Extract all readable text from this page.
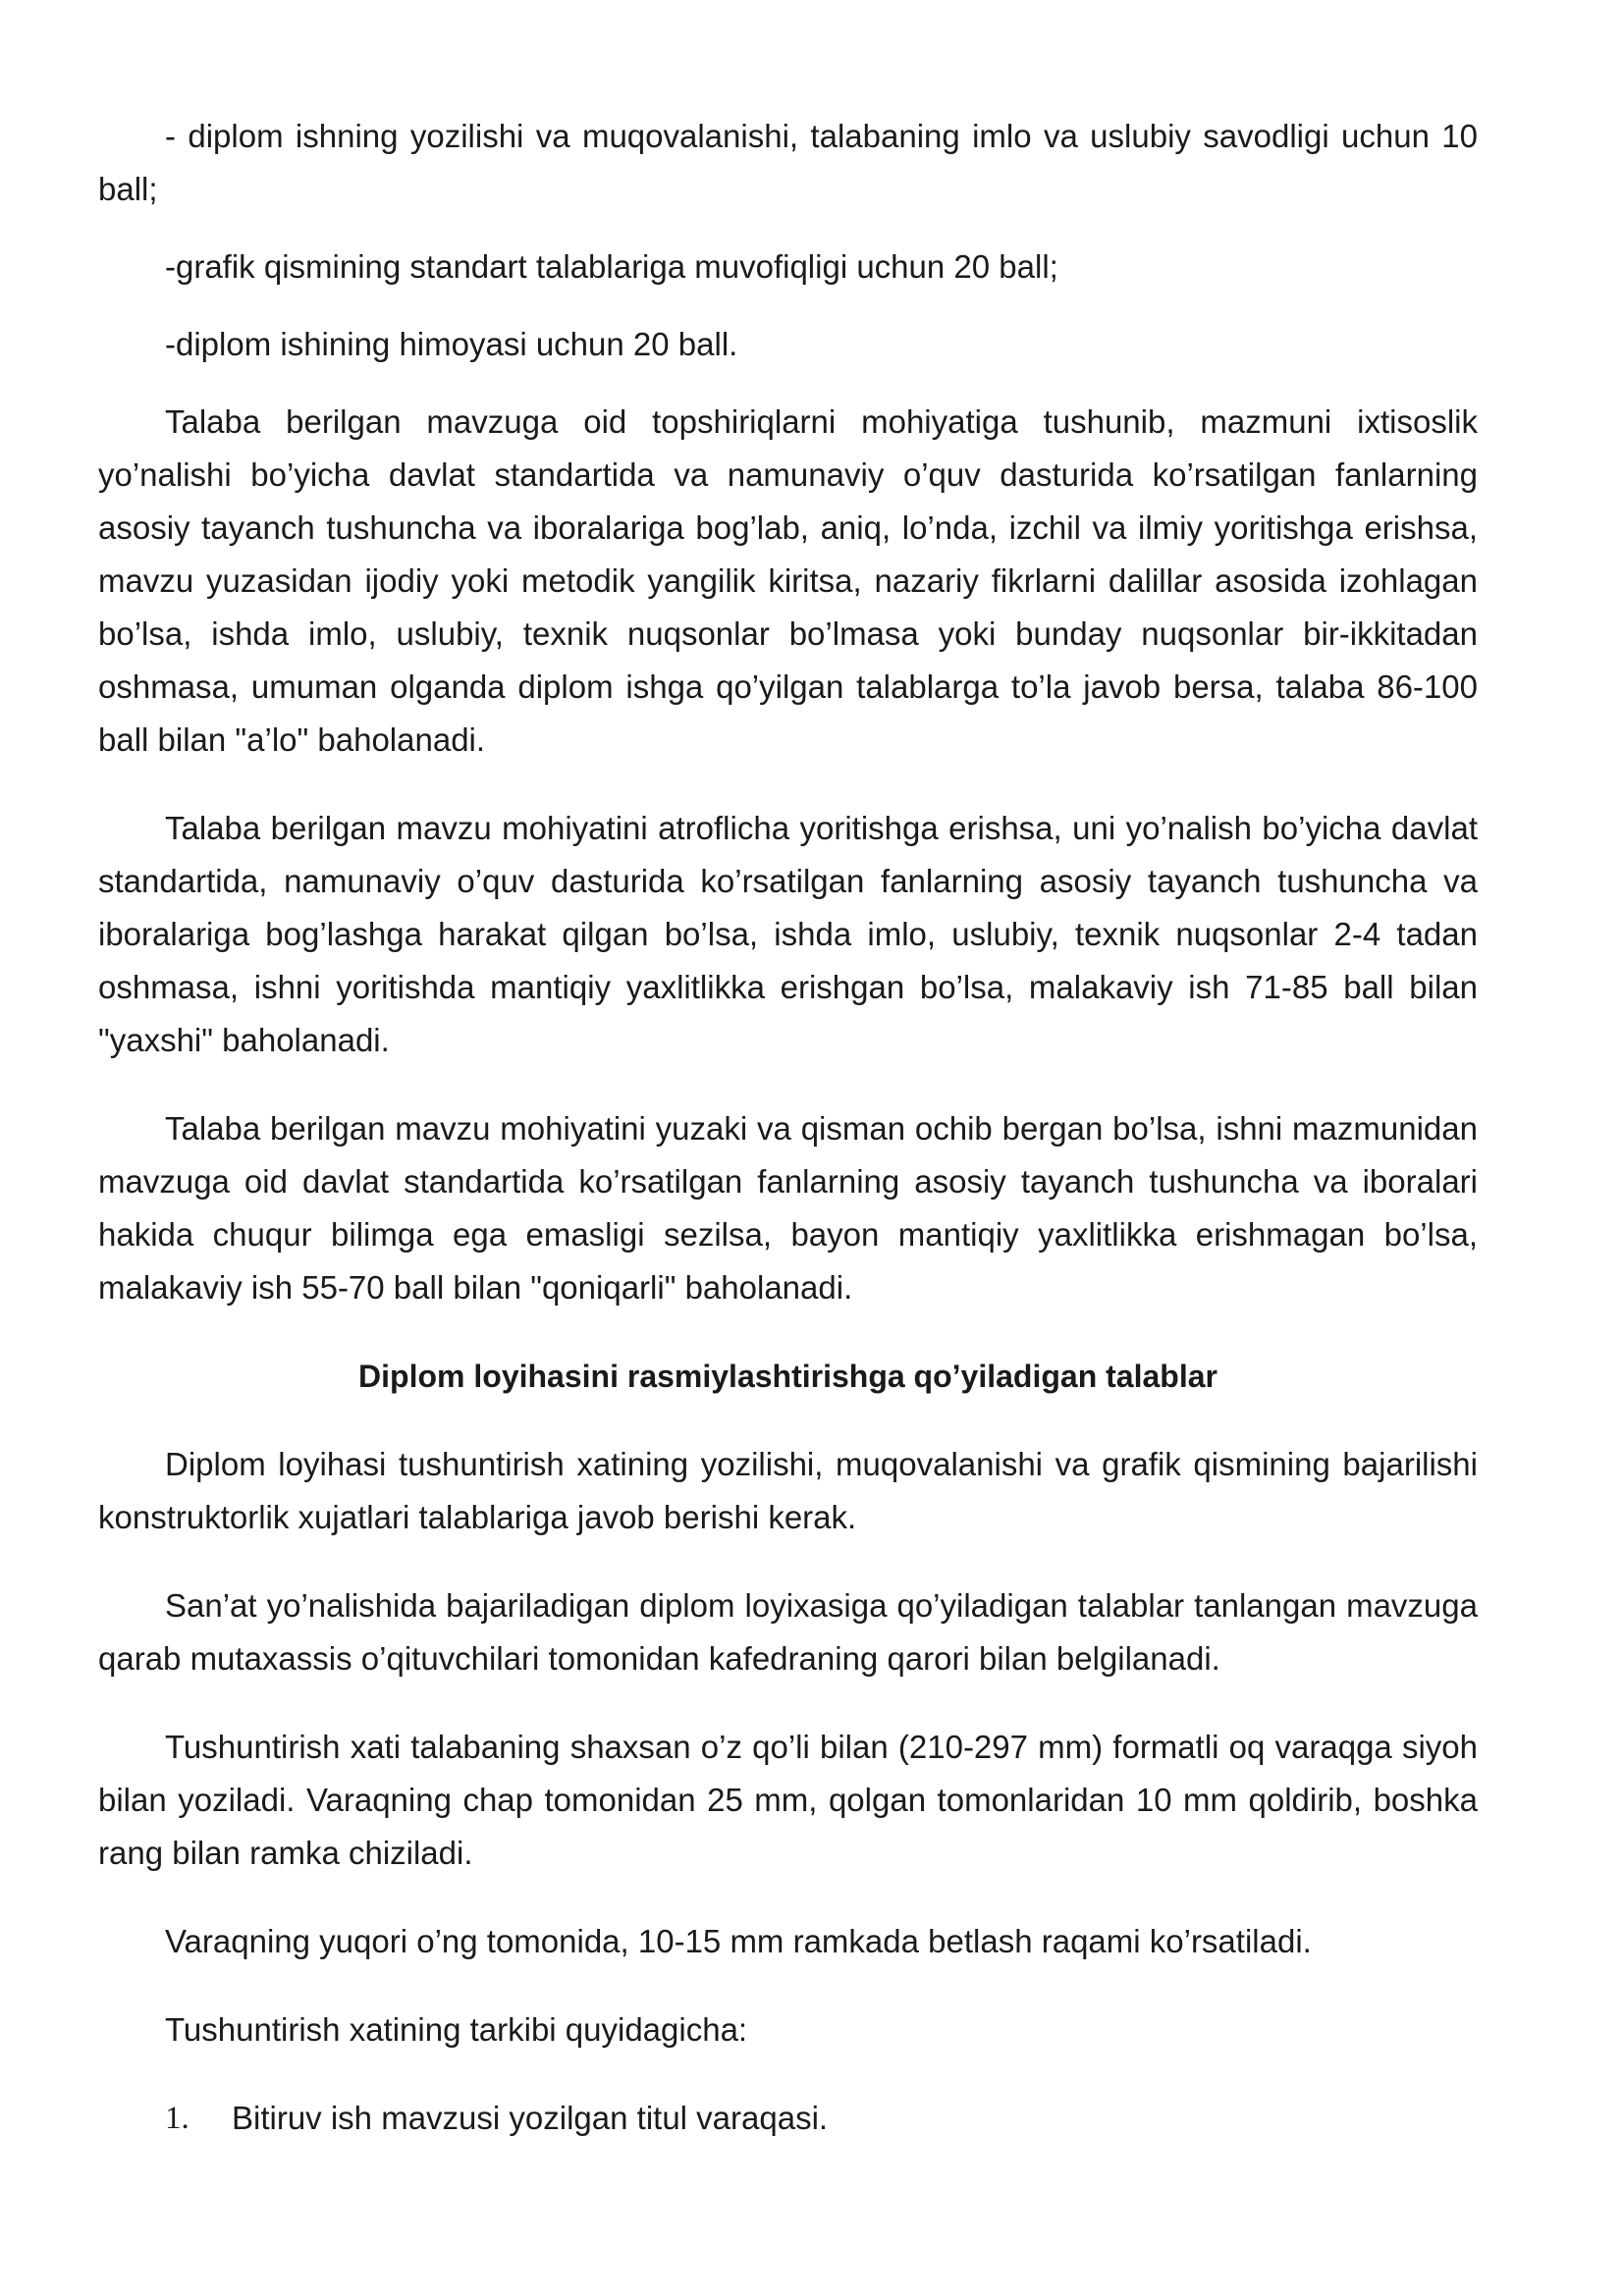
- diplom ishning yozilishi va muqovalanishi, talabaning imlo va uslubiy savodligi uchun 10 ball;

-grafik qismining standart talablariga muvofiqligi uchun 20 ball;

-diplom ishining himoyasi uchun 20 ball.

Talaba berilgan mavzuga oid topshiriqlarni mohiyatiga tushunib, mazmuni ixtisoslik yo’nalishi bo’yicha davlat standartida va namunaviy o’quv dasturida ko’rsatilgan fanlarning asosiy tayanch tushuncha va iboralariga bog’lab, aniq, lo’nda, izchil va ilmiy yoritishga erishsa, mavzu yuzasidan ijodiy yoki metodik yangilik kiritsa, nazariy fikrlarni dalillar asosida izohlagan bo’lsa, ishda imlo, uslubiy, texnik nuqsonlar bo’lmasa yoki bunday nuqsonlar bir-ikkitadan oshmasa, umuman olganda diplom ishga qo’yilgan talablarga to’la javob bersa, talaba 86-100 ball bilan "a’lo" baholanadi.

Talaba berilgan mavzu mohiyatini atroflicha yoritishga erishsa, uni yo’nalish bo’yicha davlat standartida, namunaviy o’quv dasturida ko’rsatilgan fanlarning asosiy tayanch tushuncha va iboralariga bog’lashga harakat qilgan bo’lsa, ishda imlo, uslubiy, texnik nuqsonlar 2-4 tadan oshmasa, ishni yoritishda mantiqiy yaxlitlikka erishgan bo’lsa, malakaviy ish 71-85 ball bilan "yaxshi" baholanadi.

Talaba berilgan mavzu mohiyatini yuzaki va qisman ochib bergan bo’lsa, ishni mazmunidan mavzuga oid davlat standartida ko’rsatilgan fanlarning asosiy tayanch tushuncha va iboralari hakida chuqur bilimga ega emasligi sezilsa, bayon mantiqiy yaxlitlikka erishmagan bo’lsa, malakaviy ish 55-70 ball bilan "qoniqarli" baholanadi.

Diplom loyihasini rasmiylashtirishga qo’yiladigan talablar

Diplom loyihasi tushuntirish xatining yozilishi, muqovalanishi va grafik qismining bajarilishi konstruktorlik xujatlari talablariga javob berishi kerak.

San’at yo’nalishida bajariladigan diplom loyixasiga qo’yiladigan talablar tanlangan mavzuga qarab mutaxassis o’qituvchilari tomonidan kafedraning qarori bilan belgilanadi.

Tushuntirish xati talabaning shaxsan o’z qo’li bilan (210-297 mm) formatli oq varaqga siyoh bilan yoziladi. Varaqning chap tomonidan 25 mm, qolgan tomonlaridan 10 mm qoldirib, boshka rang bilan ramka chiziladi.

Varaqning yuqori o’ng tomonida, 10-15 mm ramkada betlash raqami ko’rsatiladi.

Tushuntirish xatining tarkibi quyidagicha:

1.	Bitiruv ish mavzusi yozilgan titul varaqasi.
